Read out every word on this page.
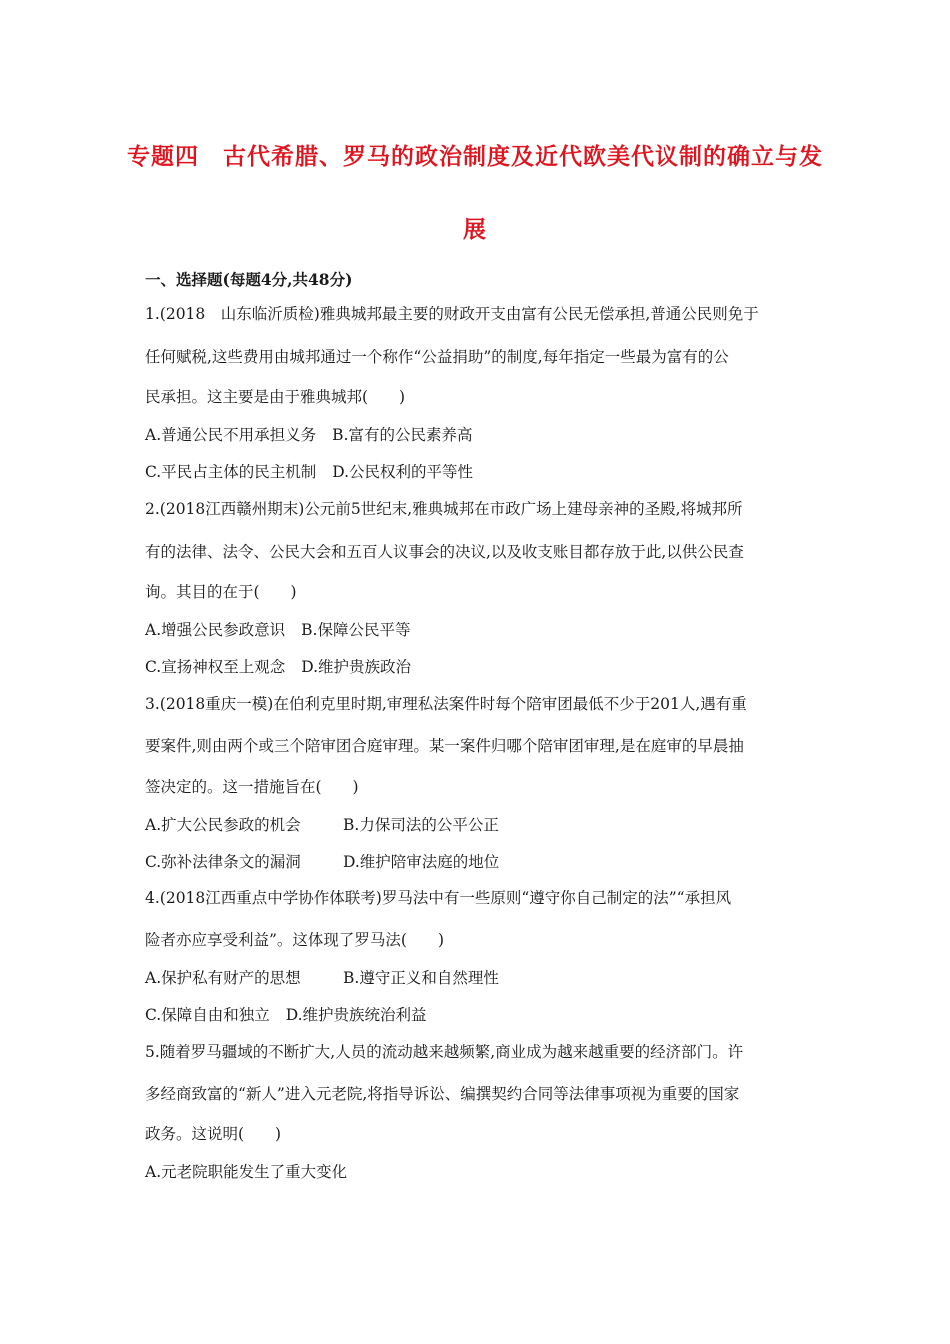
专题四　古代希腊、罗马的政治制度及近代欧美代议制的确立与发
展
一、选择题(每题4分,共48分)
1.(2018　山东临沂质检)雅典城邦最主要的财政开支由富有公民无偿承担,普通公民则免于
任何赋税,这些费用由城邦通过一个称作“公益捐助”的制度,每年指定一些最为富有的公
民承担。这主要是由于雅典城邦(　　)
A.普通公民不用承担义务 B.富有的公民素养高
C.平民占主体的民主机制 D.公民权利的平等性
2.(2018江西赣州期末)公元前5世纪末,雅典城邦在市政广场上建母亲神的圣殿,将城邦所
有的法律、法令、公民大会和五百人议事会的决议,以及收支账目都存放于此,以供公民查
询。其目的在于(　　)
A.增强公民参政意识 B.保障公民平等
C.宣扬神权至上观念 D.维护贵族政治
3.(2018重庆一模)在伯利克里时期,审理私法案件时每个陪审团最低不少于201人,遇有重
要案件,则由两个或三个陪审团合庭审理。某一案件归哪个陪审团审理,是在庭审的早晨抽
签决定的。这一措施旨在(　　)
A.扩大公民参政的机会	B.力保司法的公平公正
C.弥补法律条文的漏洞	D.维护陪审法庭的地位
4.(2018江西重点中学协作体联考)罗马法中有一些原则“遵守你自己制定的法”“承担风
险者亦应享受利益”。这体现了罗马法(　　)
A.保护私有财产的思想	B.遵守正义和自然理性
C.保障自由和独立 D.维护贵族统治利益
5.随着罗马疆域的不断扩大,人员的流动越来越频繁,商业成为越来越重要的经济部门。许
多经商致富的“新人”进入元老院,将指导诉讼、编撰契约合同等法律事项视为重要的国家
政务。这说明(　　)
A.元老院职能发生了重大变化
